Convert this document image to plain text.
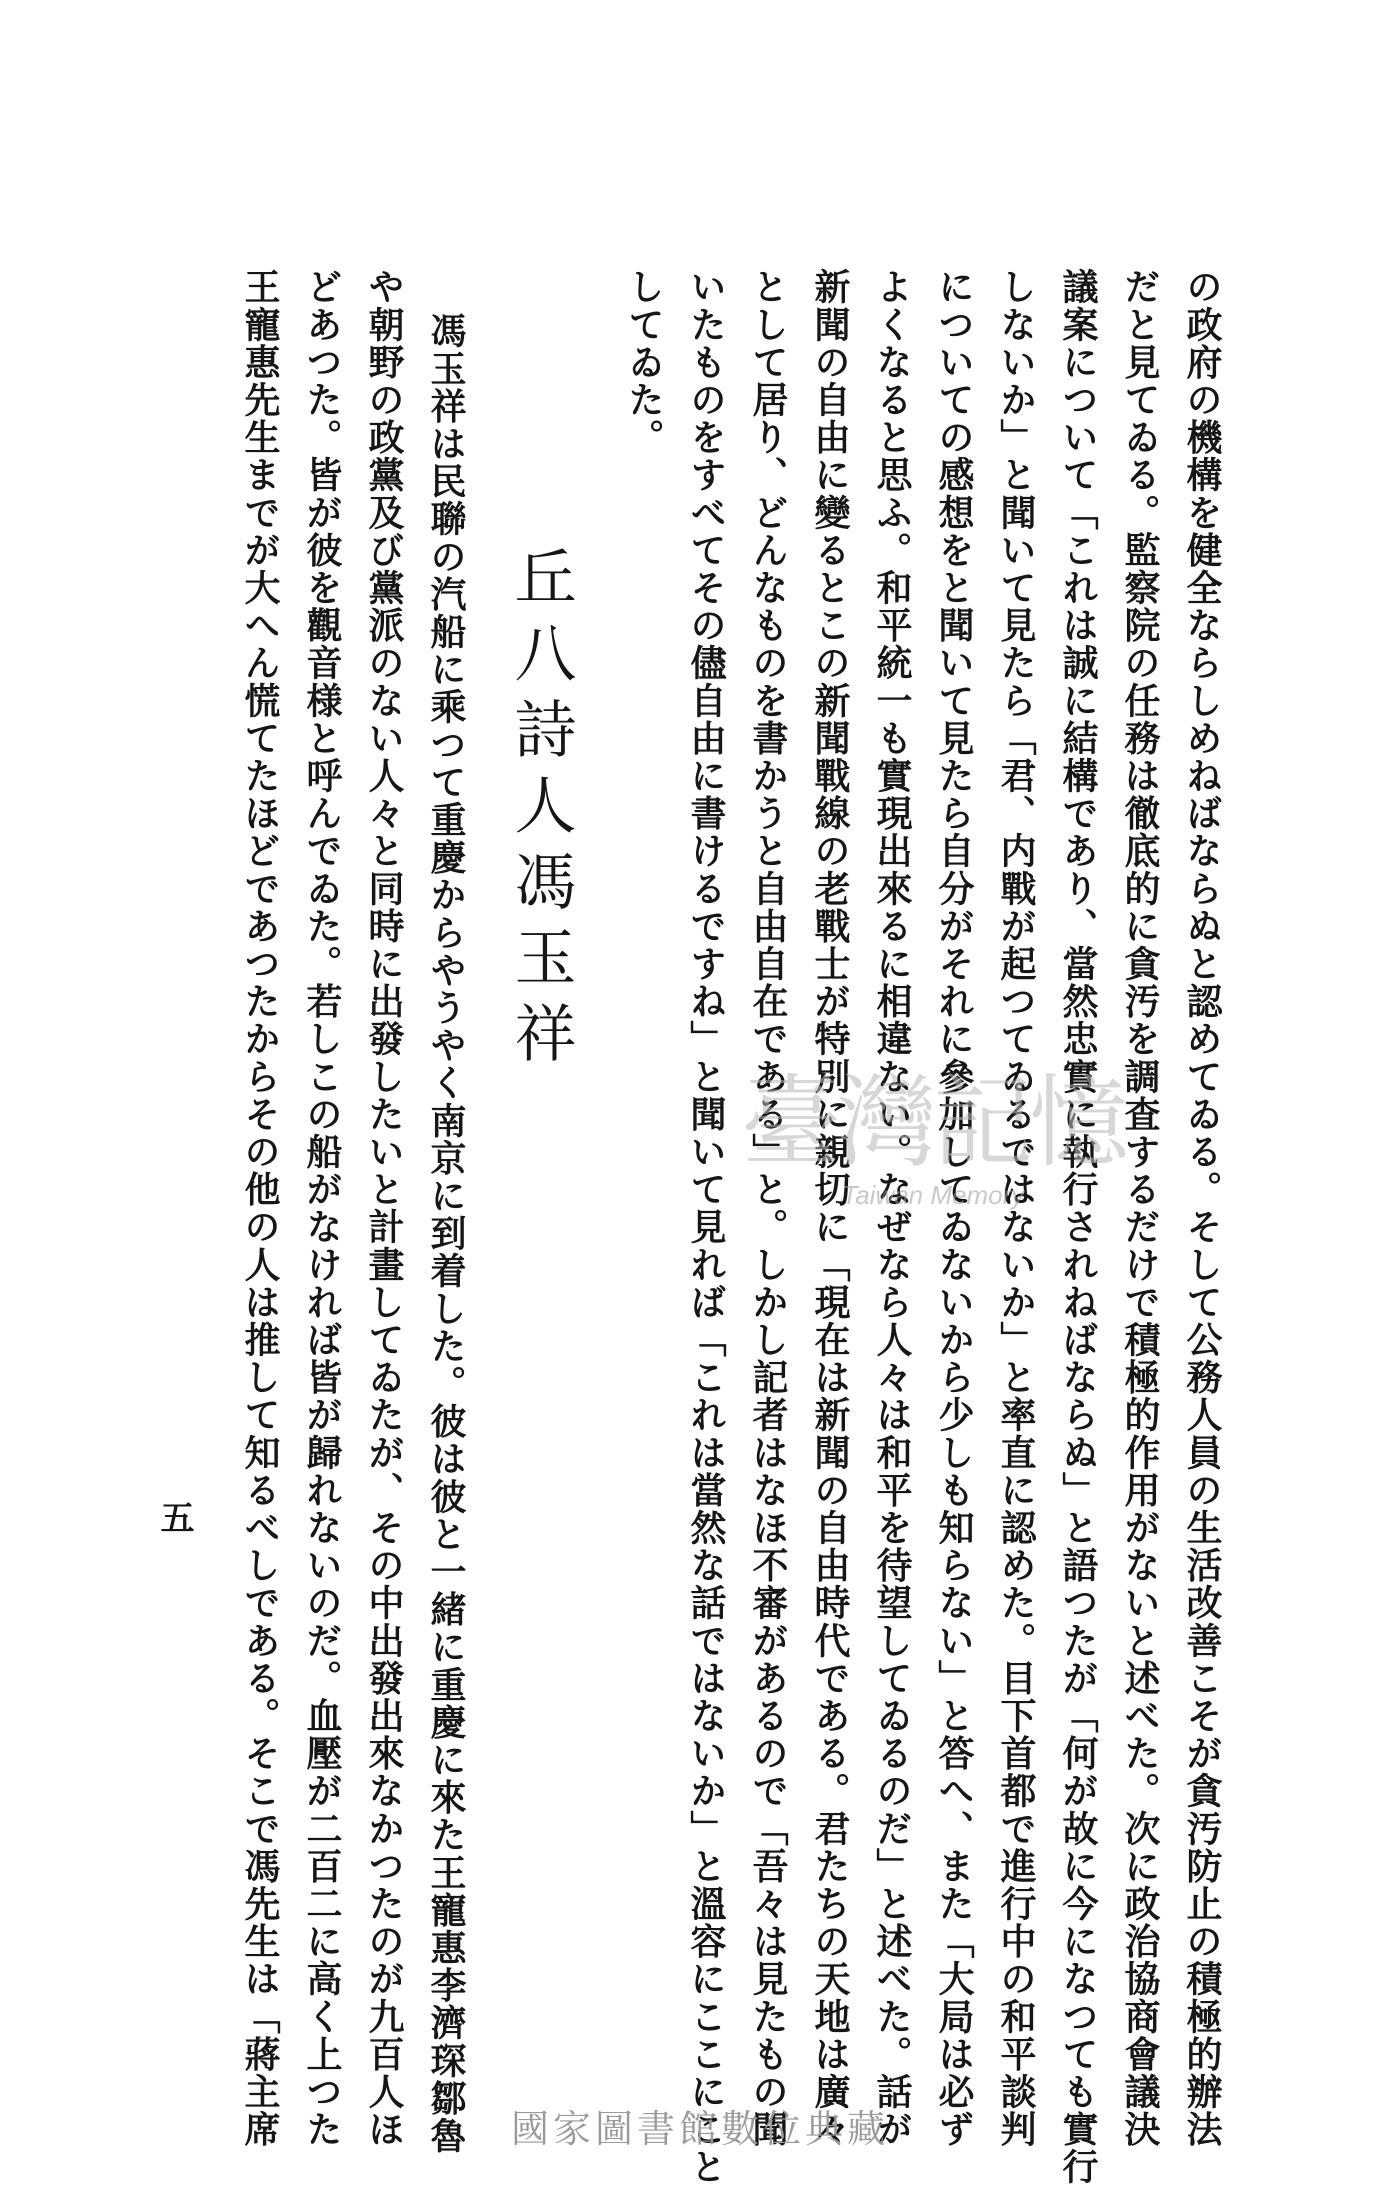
の政府の機構を健全ならしめねばならぬと認めてゐる。そして公務人員の生活改善こそが貪汚防止の積極的辦法
だと見てゐる。監察院の任務は徹底的に貪汚を調査するだけで積極的作用がないと述べた。次に政治協商會議決
議案について「これは誠に結構であり、當然忠實に執行されねばならぬ」と語つたが「何が故に今になつても實行
しないか」と聞いて見たら「君、内戰が起つてゐるではないか」と率直に認めた。目下首都で進行中の和平談判
についての感想をと聞いて見たら自分がそれに參加してゐないから少しも知らない」と答へ、また「大局は必ず
よくなると思ふ。和平統一も實現出來るに相違ない。なぜなら人々は和平を待望してゐるのだ」と述べた。話が
新聞の自由に變るとこの新聞戰線の老戰士が特別に親切に「現在は新聞の自由時代である。君たちの天地は廣々
として居り、どんなものを書かうと自由自在である」と。しかし記者はなほ不審があるので「吾々は見たもの聞
いたものをすべてその儘自由に書けるですね」と聞いて見れば「これは當然な話ではないか」と溫容にここにこと
してゐた。
丘八詩人馮玉祥
馮玉祥は民聯の汽船に乘つて重慶からやうやく南京に到着した。彼は彼と一緒に重慶に來た王寵惠李濟琛鄒魯
や朝野の政黨及び黨派のない人々と同時に出發したいと計畫してゐたが、その中出發出來なかつたのが九百人ほ
どあつた。皆が彼を觀音様と呼んでゐた。若しこの船がなければ皆が歸れないのだ。血壓が二百二に高く上つた
王寵惠先生までが大へん慌てたほどであつたからその他の人は推して知るべしである。そこで馮先生は「蔣主席
五
臺灣記憶
Taiwan Memory
國家圖書館數位典藏
